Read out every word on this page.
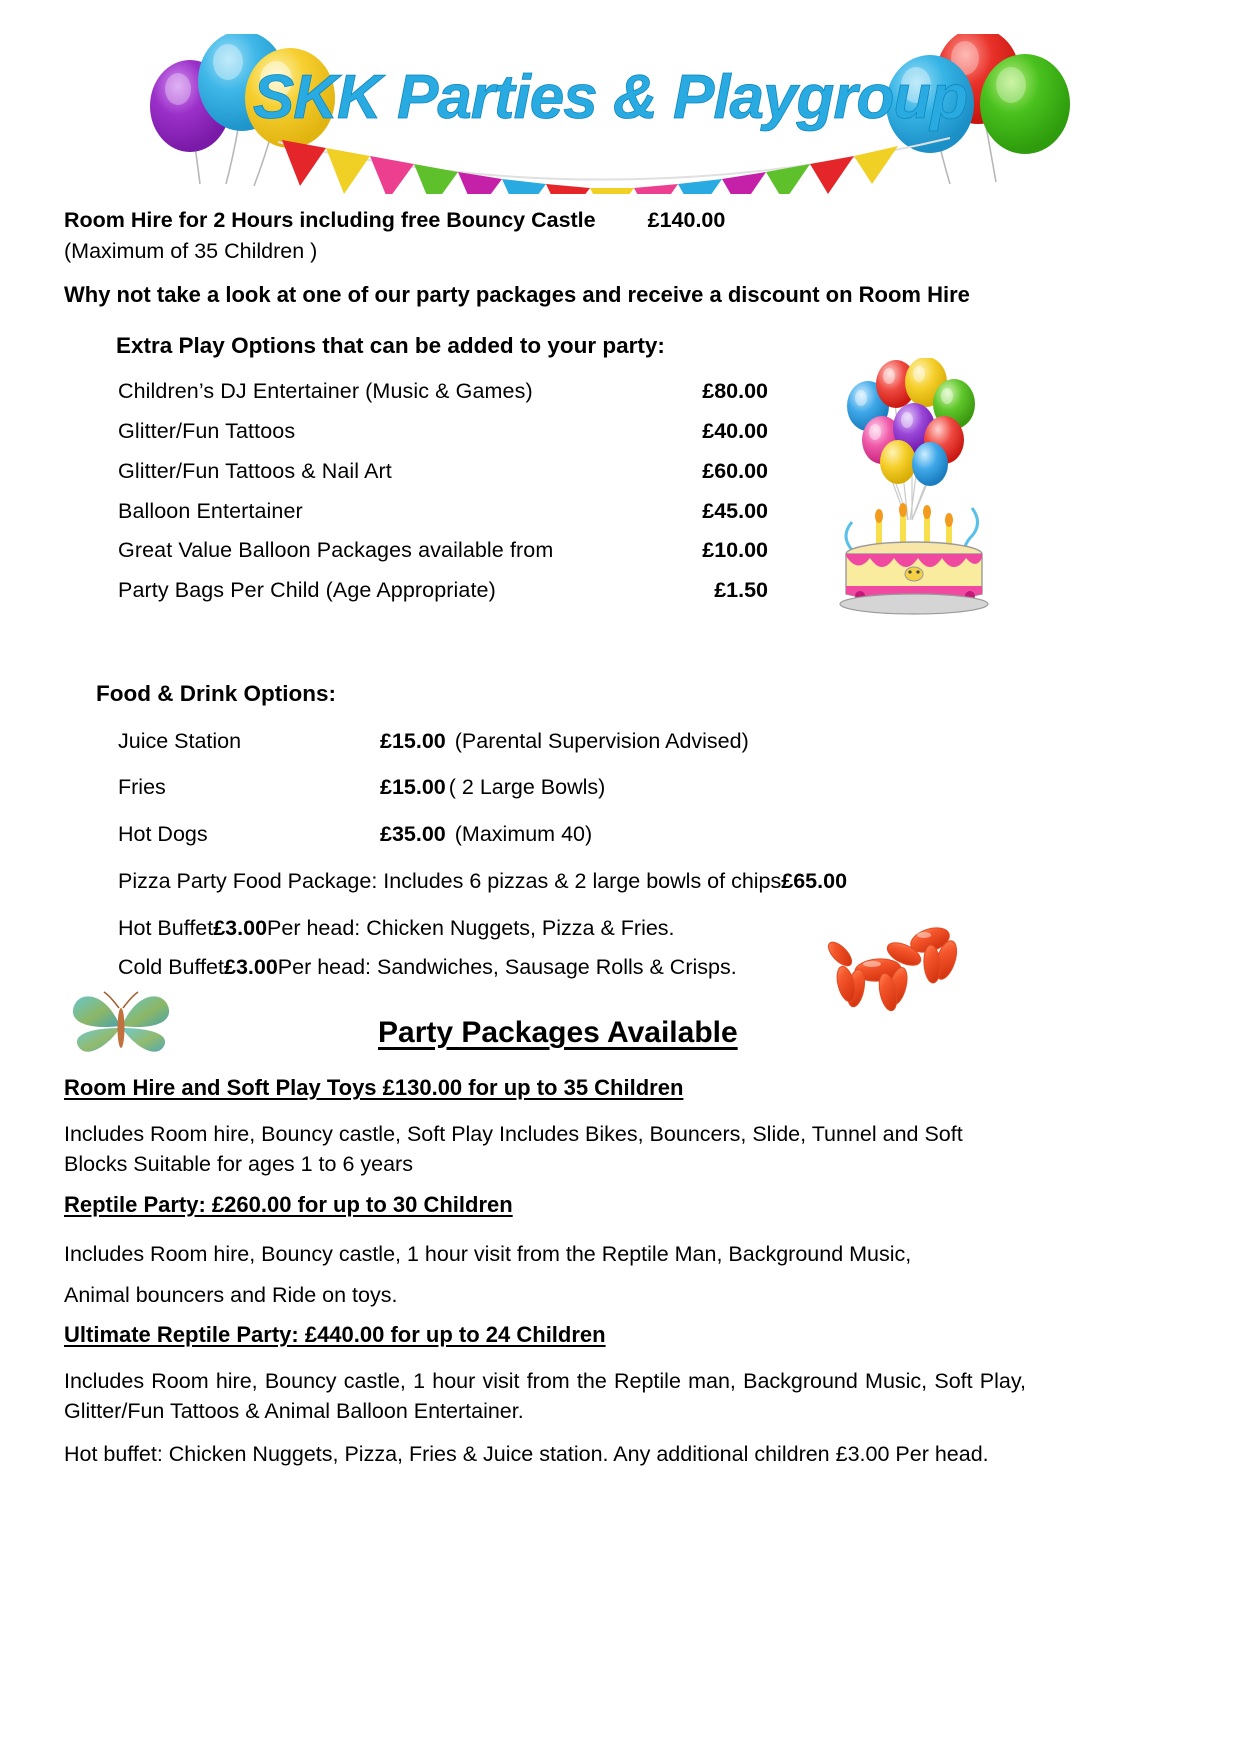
SKK Parties & Playgroup
Room Hire for 2 Hours including free Bouncy Castle £140.00
(Maximum of 35 Children )
Why not take a look at one of our party packages and receive a discount on Room Hire
Extra Play Options that can be added to your party:
Children’s DJ Entertainer (Music & Games)	£80.00
Glitter/Fun Tattoos	£40.00
Glitter/Fun Tattoos & Nail Art	£60.00
Balloon Entertainer	£45.00
Great Value Balloon Packages available from	£10.00
Party Bags Per Child (Age Appropriate)	£1.50
Food & Drink Options:
Juice Station	£15.00 (Parental Supervision Advised)
Fries	£15.00 ( 2 Large Bowls)
Hot Dogs	£35.00 (Maximum 40)
Pizza Party Food Package: Includes 6 pizzas & 2 large bowls of chips £65.00
Hot Buffet £3.00 Per head: Chicken Nuggets, Pizza & Fries.
Cold Buffet £3.00 Per head: Sandwiches, Sausage Rolls & Crisps.
Party Packages Available
Room Hire and Soft Play Toys £130.00 for up to 35 Children
Includes Room hire, Bouncy castle, Soft Play Includes Bikes, Bouncers, Slide, Tunnel and Soft Blocks Suitable for ages 1 to 6 years
Reptile Party: £260.00 for up to 30 Children
Includes Room hire, Bouncy castle, 1 hour visit from the Reptile Man, Background Music,
Animal bouncers and Ride on toys.
Ultimate Reptile Party: £440.00 for up to 24 Children
Includes Room hire, Bouncy castle, 1 hour visit from the Reptile man, Background Music, Soft Play, Glitter/Fun Tattoos & Animal Balloon Entertainer.
Hot buffet: Chicken Nuggets, Pizza, Fries & Juice station. Any additional children £3.00 Per head.
